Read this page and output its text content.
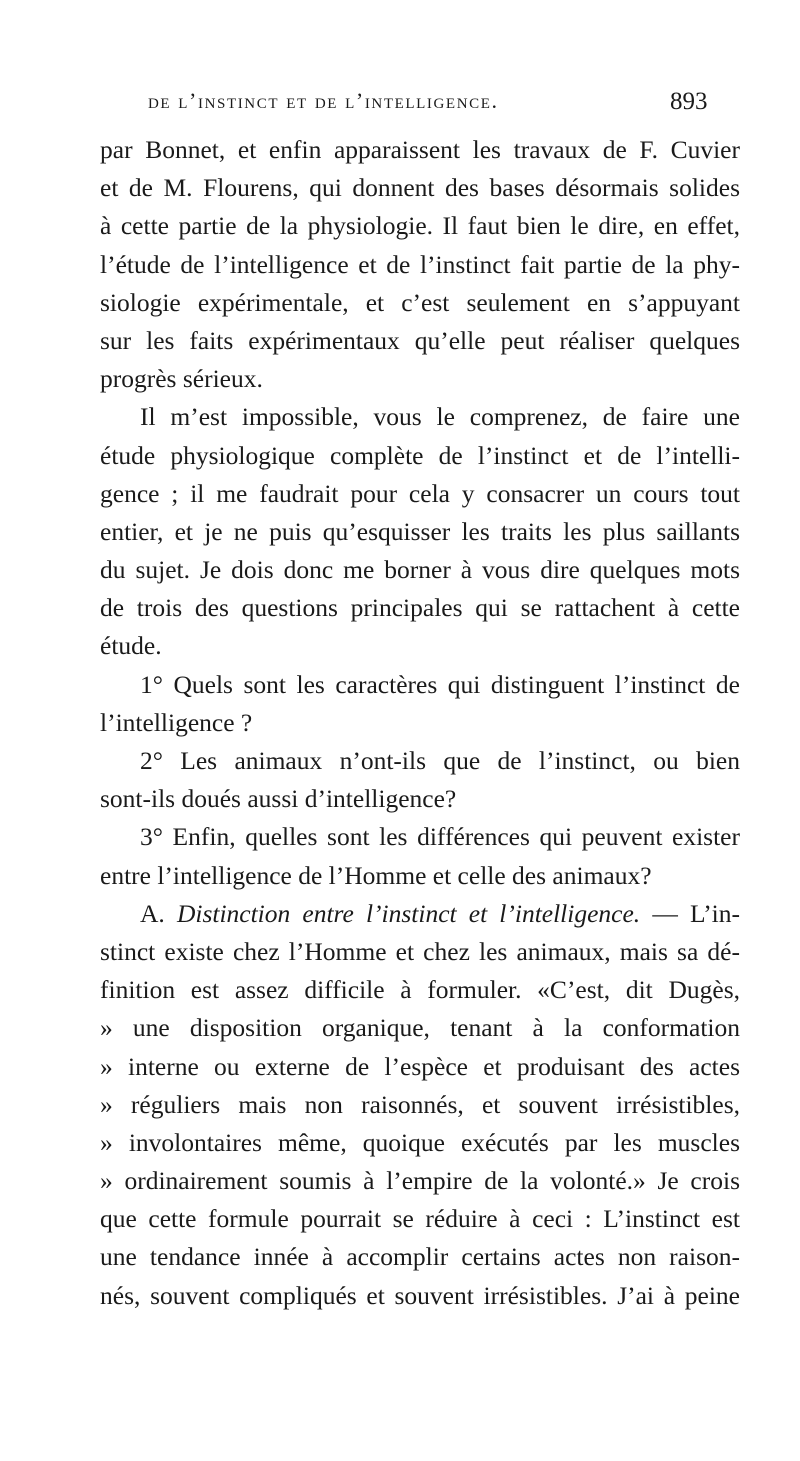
de l’instinct et de l’intelligence.	893
par Bonnet, et enfin apparaissent les travaux de F. Cuvier
et de M. Flourens, qui donnent des bases désormais solides
à cette partie de la physiologie. Il faut bien le dire, en effet,
l’étude de l’intelligence et de l’instinct fait partie de la phy-
siologie expérimentale, et c’est seulement en s’appuyant
sur les faits expérimentaux qu’elle peut réaliser quelques
progrès sérieux.
Il m’est impossible, vous le comprenez, de faire une
étude physiologique complète de l’instinct et de l’intelli-
gence ; il me faudrait pour cela y consacrer un cours tout
entier, et je ne puis qu’esquisser les traits les plus saillants
du sujet. Je dois donc me borner à vous dire quelques mots
de trois des questions principales qui se rattachent à cette
étude.
1° Quels sont les caractères qui distinguent l’instinct de
l’intelligence ?
2° Les animaux n’ont-ils que de l’instinct, ou bien
sont-ils doués aussi d’intelligence?
3° Enfin, quelles sont les différences qui peuvent exister
entre l’intelligence de l’Homme et celle des animaux?
A. Distinction entre l’instinct et l’intelligence. — L’in-
stinct existe chez l’Homme et chez les animaux, mais sa dé-
finition est assez difficile à formuler. «C’est, dit Dugès,
» une disposition organique, tenant à la conformation
» interne ou externe de l’espèce et produisant des actes
» réguliers mais non raisonnés, et souvent irrésistibles,
» involontaires même, quoique exécutés par les muscles
» ordinairement soumis à l’empire de la volonté.» Je crois
que cette formule pourrait se réduire à ceci : L’instinct est
une tendance innée à accomplir certains actes non raison-
nés, souvent compliqués et souvent irrésistibles. J’ai à peine
